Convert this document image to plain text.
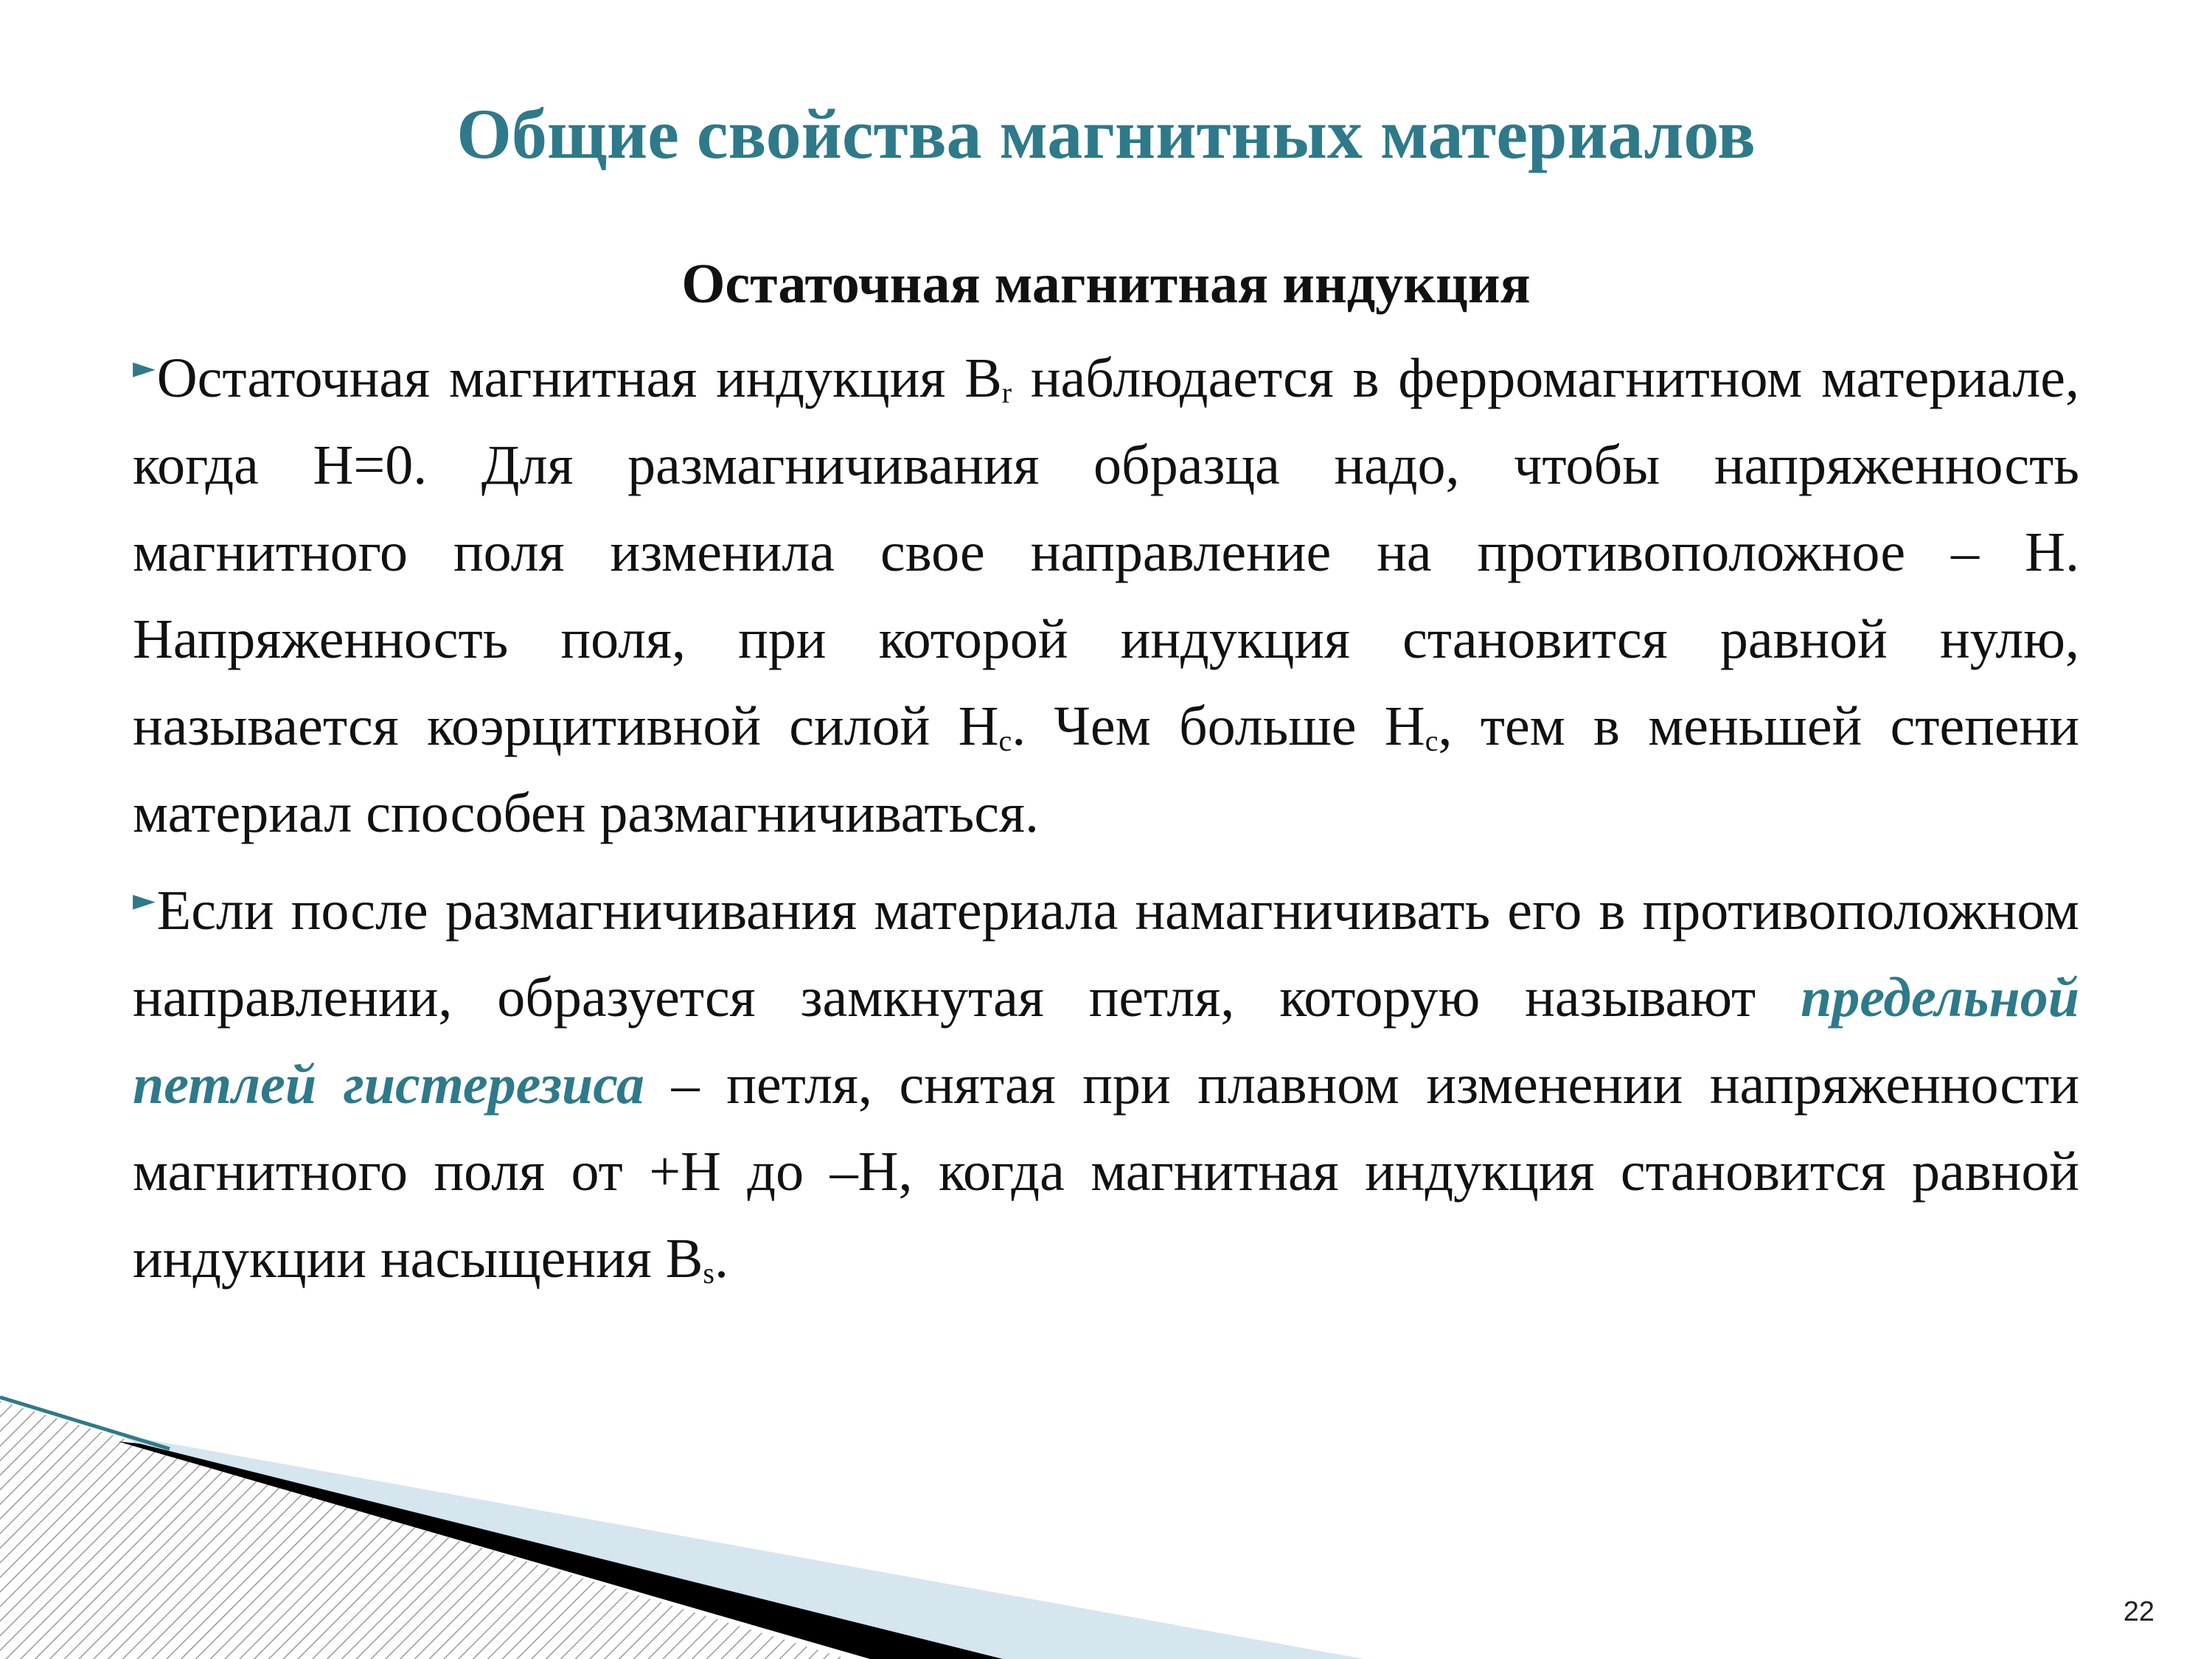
Общие свойства магнитных материалов

Остаточная магнитная индукция

►Остаточная магнитная индукция $B_r$ наблюдается в ферромагнитном материале, когда Н=0. Для размагничивания образца надо, чтобы напряженность магнитного поля изменила свое направление на противоположное – Н. Напряженность поля, при которой индукция становится равной нулю, называется коэрцитивной силой $Н_с$. Чем больше $Н_с$, тем в меньшей степени материал способен размагничиваться.

►Если после размагничивания материала намагничивать его в противоположном направлении, образуется замкнутая петля, которую называют предельной петлей гистерезиса – петля, снятая при плавном изменении напряженности магнитного поля от +Н до –Н, когда магнитная индукция становится равной индукции насыщения $B_s$.

22
